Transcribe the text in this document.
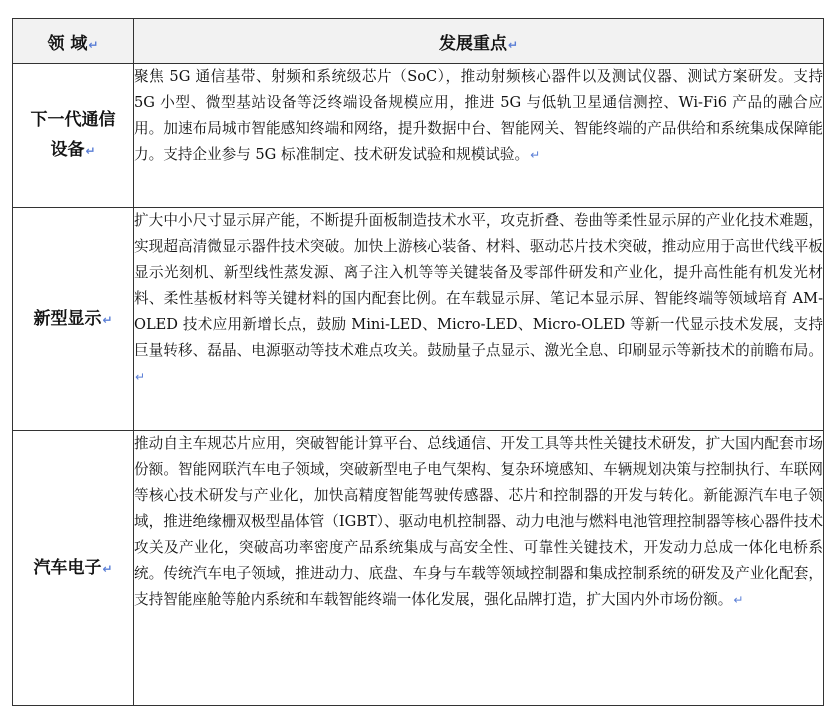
领 域↵	发展重点↵
下一代通信
设备↵	聚焦 5G 通信基带、射频和系统级芯片（SoC），推动射频核心器件以及测试仪器、测试方案研发。支持 5G 小型、微型基站设备等泛终端设备规模应用，推进 5G 与低轨卫星通信测控、Wi-Fi6 产品的融合应用。加速布局城市智能感知终端和网络，提升数据中台、智能网关、智能终端的产品供给和系统集成保障能力。支持企业参与 5G 标准制定、技术研发试验和规模试验。↵
新型显示↵	扩大中小尺寸显示屏产能，不断提升面板制造技术水平，攻克折叠、卷曲等柔性显示屏的产业化技术难题，实现超高清微显示器件技术突破。加快上游核心装备、材料、驱动芯片技术突破，推动应用于高世代线平板显示光刻机、新型线性蒸发源、离子注入机等等关键装备及零部件研发和产业化，提升高性能有机发光材料、柔性基板材料等关键材料的国内配套比例。在车载显示屏、笔记本显示屏、智能终端等领域培育 AM-OLED 技术应用新增长点，鼓励 Mini-LED、Micro-LED、Micro-OLED 等新一代显示技术发展，支持巨量转移、磊晶、电源驱动等技术难点攻关。鼓励量子点显示、激光全息、印刷显示等新技术的前瞻布局。↵
汽车电子↵	推动自主车规芯片应用，突破智能计算平台、总线通信、开发工具等共性关键技术研发，扩大国内配套市场份额。智能网联汽车电子领域，突破新型电子电气架构、复杂环境感知、车辆规划决策与控制执行、车联网等核心技术研发与产业化，加快高精度智能驾驶传感器、芯片和控制器的开发与转化。新能源汽车电子领域，推进绝缘栅双极型晶体管（IGBT）、驱动电机控制器、动力电池与燃料电池管理控制器等核心器件技术攻关及产业化，突破高功率密度产品系统集成与高安全性、可靠性关键技术，开发动力总成一体化电桥系统。传统汽车电子领域，推进动力、底盘、车身与车载等领域控制器和集成控制系统的研发及产业化配套，支持智能座舱等舱内系统和车载智能终端一体化发展，强化品牌打造，扩大国内外市场份额。↵
